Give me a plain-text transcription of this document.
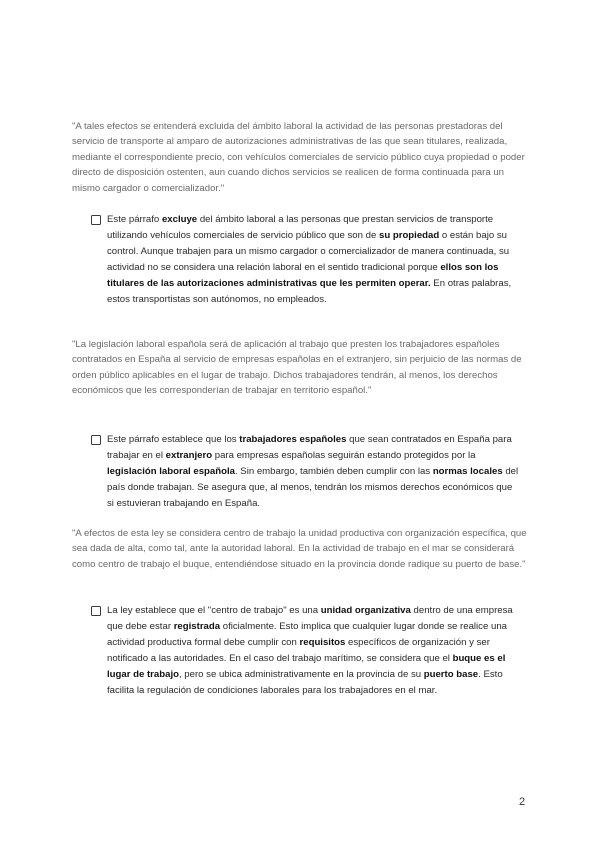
"A tales efectos se entenderá excluida del ámbito laboral la actividad de las personas prestadoras del servicio de transporte al amparo de autorizaciones administrativas de las que sean titulares, realizada, mediante el correspondiente precio, con vehículos comerciales de servicio público cuya propiedad o poder directo de disposición ostenten, aun cuando dichos servicios se realicen de forma continuada para un mismo cargador o comercializador."

Este párrafo excluye del ámbito laboral a las personas que prestan servicios de transporte utilizando vehículos comerciales de servicio público que son de su propiedad o están bajo su control. Aunque trabajen para un mismo cargador o comercializador de manera continuada, su actividad no se considera una relación laboral en el sentido tradicional porque ellos son los titulares de las autorizaciones administrativas que les permiten operar. En otras palabras, estos transportistas son autónomos, no empleados.

"La legislación laboral española será de aplicación al trabajo que presten los trabajadores españoles contratados en España al servicio de empresas españolas en el extranjero, sin perjuicio de las normas de orden público aplicables en el lugar de trabajo. Dichos trabajadores tendrán, al menos, los derechos económicos que les corresponderían de trabajar en territorio español."

Este párrafo establece que los trabajadores españoles que sean contratados en España para trabajar en el extranjero para empresas españolas seguirán estando protegidos por la legislación laboral española. Sin embargo, también deben cumplir con las normas locales del país donde trabajan. Se asegura que, al menos, tendrán los mismos derechos económicos que si estuvieran trabajando en España.

"A efectos de esta ley se considera centro de trabajo la unidad productiva con organización específica, que sea dada de alta, como tal, ante la autoridad laboral. En la actividad de trabajo en el mar se considerará como centro de trabajo el buque, entendiéndose situado en la provincia donde radique su puerto de base."

La ley establece que el "centro de trabajo" es una unidad organizativa dentro de una empresa que debe estar registrada oficialmente. Esto implica que cualquier lugar donde se realice una actividad productiva formal debe cumplir con requisitos específicos de organización y ser notificado a las autoridades. En el caso del trabajo marítimo, se considera que el buque es el lugar de trabajo, pero se ubica administrativamente en la provincia de su puerto base. Esto facilita la regulación de condiciones laborales para los trabajadores en el mar.

2
